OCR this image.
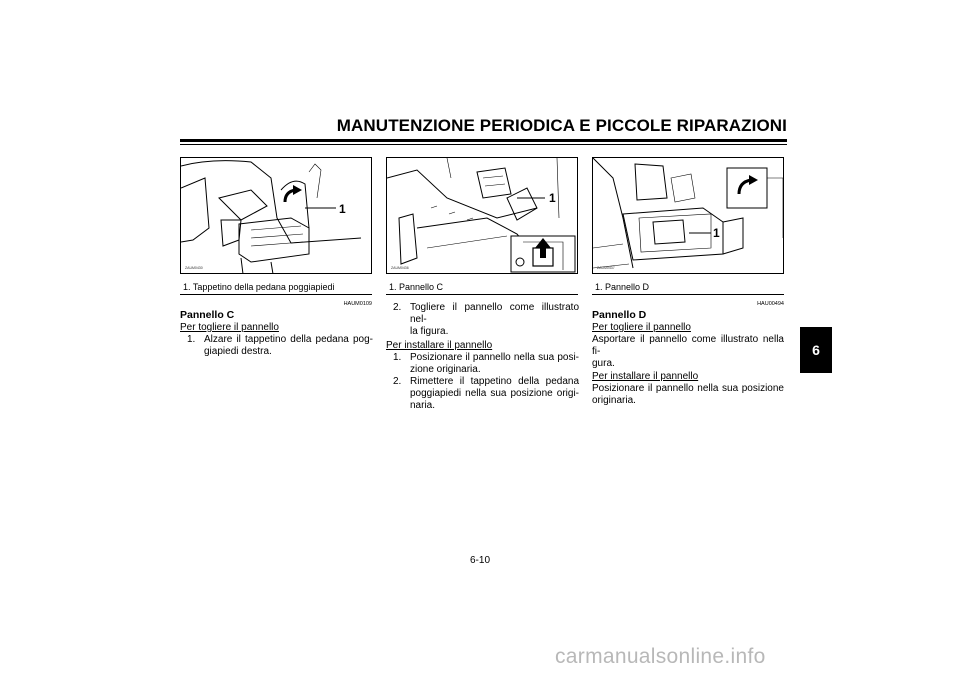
MANUTENZIONE PERIODICA E PICCOLE RIPARAZIONI
6
1
ZAUM0430
1. Tappetino della pedana poggiapiedi
1
ZAUM0436
1. Pannello C
1
ZAUM0437
1. Pannello D
HAUM0109
Pannello C
Per togliere il pannello
1. Alzare il tappetino della pedana pog-
giapiedi destra.
2. Togliere il pannello come illustrato nel-
la figura.
Per installare il pannello
1. Posizionare il pannello nella sua posi-
zione originaria.
2. Rimettere il tappetino della pedana
poggiapiedi nella sua posizione origi-
naria.
HAU00494
Pannello D
Per togliere il pannello
Asportare il pannello come illustrato nella fi-
gura.
Per installare il pannello
Posizionare il pannello nella sua posizione
originaria.
6-10
carmanualsonline.info
